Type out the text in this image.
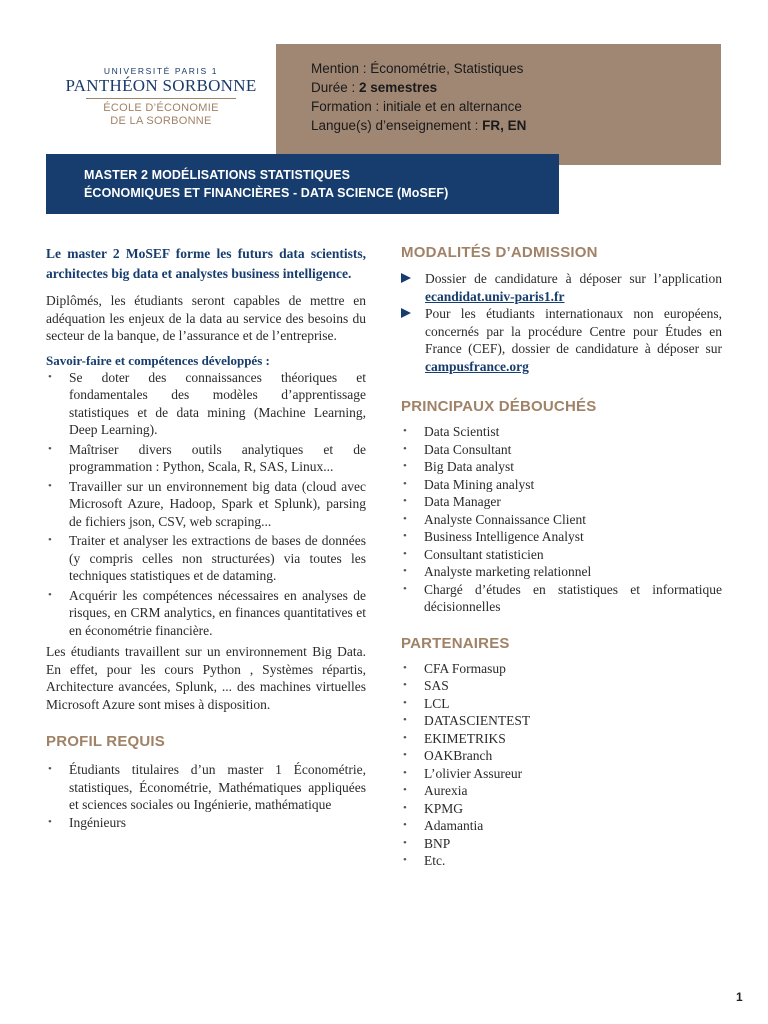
UNIVERSITÉ PARIS 1
PANTHÉON SORBONNE
ÉCOLE D’ÉCONOMIE
DE LA SORBONNE
Mention : Économétrie, Statistiques
Durée : 2 semestres
Formation : initiale et en alternance
Langue(s) d’enseignement : FR, EN
MASTER 2 MODÉLISATIONS STATISTIQUES
ÉCONOMIQUES ET FINANCIÈRES - DATA SCIENCE (MoSEF)
Le master 2 MoSEF forme les futurs data scientists, architectes big data et analystes business intelligence.

Diplômés, les étudiants seront capables de mettre en adéquation les enjeux de la data au service des besoins du secteur de la banque, de l’assurance et de l’entreprise.

Savoir-faire et compétences développés :
• Se doter des connaissances théoriques et fondamentales des modèles d’apprentissage statistiques et de data mining (Machine Learning, Deep Learning).
• Maîtriser divers outils analytiques et de programmation : Python, Scala, R, SAS, Linux...
• Travailler sur un environnement big data (cloud avec Microsoft Azure, Hadoop, Spark et Splunk), parsing de fichiers json, CSV, web scraping...
• Traiter et analyser les extractions de bases de données (y compris celles non structurées) via toutes les techniques statistiques et de dataming.
• Acquérir les compétences nécessaires en analyses de risques, en CRM analytics, en finances quantitatives et en économétrie financière.

Les étudiants travaillent sur un environnement Big Data. En effet, pour les cours Python , Systèmes répartis, Architecture avancées, Splunk, ... des machines virtuelles Microsoft Azure sont mises à disposition.

PROFIL REQUIS
• Étudiants titulaires d’un master 1 Économétrie, statistiques, Économétrie, Mathématiques appliquées et sciences sociales ou Ingénierie, mathématique
• Ingénieurs
MODALITÉS D’ADMISSION
Dossier de candidature à déposer sur l’application ecandidat.univ-paris1.fr
Pour les étudiants internationaux non européens, concernés par la procédure Centre pour Études en France (CEF), dossier de candidature à déposer sur campusfrance.org
PRINCIPAUX DÉBOUCHÉS
• Data Scientist
• Data Consultant
• Big Data analyst
• Data Mining analyst
• Data Manager
• Analyste Connaissance Client
• Business Intelligence Analyst
• Consultant statisticien
• Analyste marketing relationnel
• Chargé d’études en statistiques et informatique décisionnelles
PARTENAIRES
• CFA Formasup
• SAS
• LCL
• DATASCIENTEST
• EKIMETRIKS
• OAKBranch
• L’olivier Assureur
• Aurexia
• KPMG
• Adamantia
• BNP
• Etc.
1
